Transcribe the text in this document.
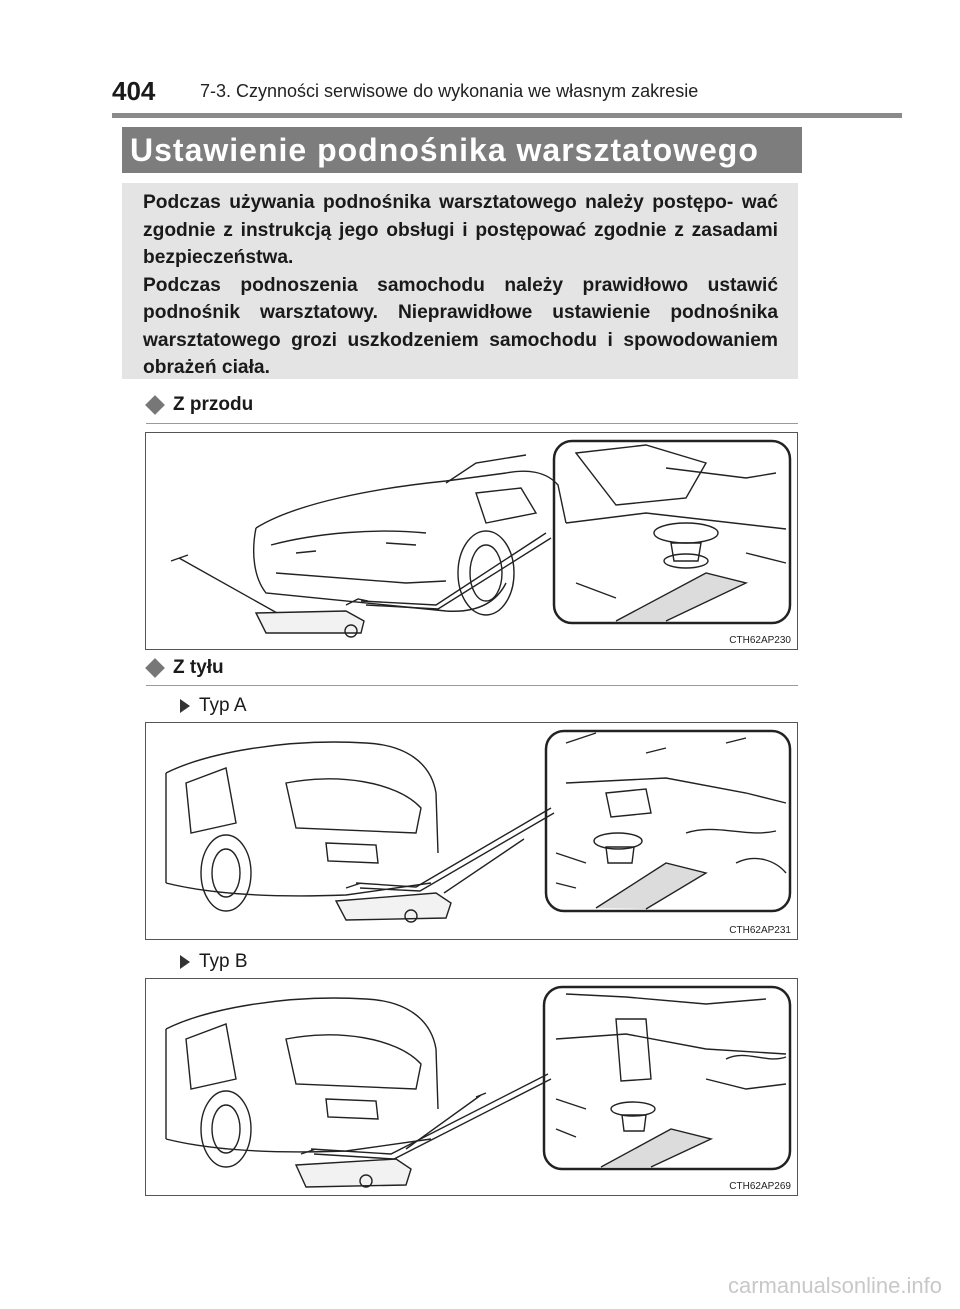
404 7-3. Czynności serwisowe do wykonania we własnym zakresie
Ustawienie podnośnika warsztatowego

Podczas używania podnośnika warsztatowego należy postępo- wać zgodnie z instrukcją jego obsługi i postępować zgodnie z zasadami bezpieczeństwa.

Podczas podnoszenia samochodu należy prawidłowo ustawić podnośnik warsztatowy. Nieprawidłowe ustawienie podnośnika warsztatowego grozi uszkodzeniem samochodu i spowodowaniem obrażeń ciała.

Z przodu
CTH62AP230
Z tyłu
Typ A
CTH62AP231
Typ B
CTH62AP269
carmanualsonline.info
